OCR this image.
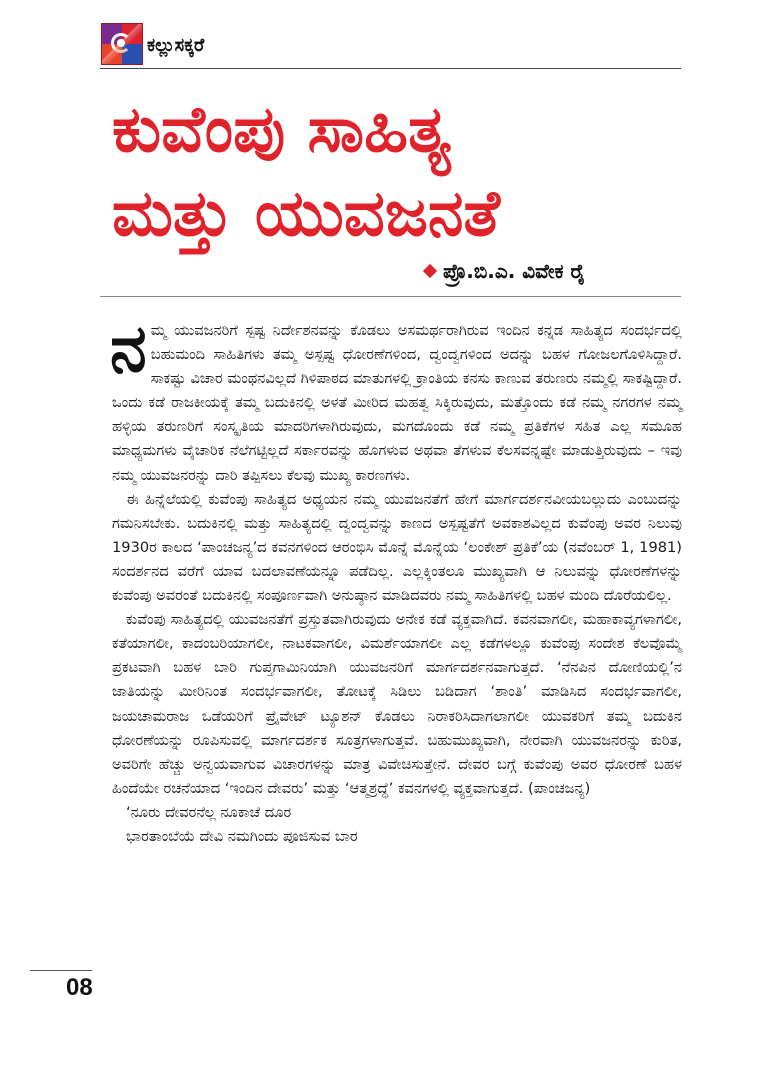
ಕಲ್ಲುಸಕ್ಕರೆ
ಕುವೆಂಪು ಸಾಹಿತ್ಯ
ಮತ್ತು ಯುವಜನತೆ
ಪ್ರೊ.ಬಿ.ಎ. ವಿವೇಕ ರೈ

ನಮ್ಮ ಯುವಜನರಿಗೆ ಸ್ಪಷ್ಟ ನಿರ್ದೇಶನವನ್ನು ಕೊಡಲು ಅಸಮರ್ಥರಾಗಿರುವ ಇಂದಿನ ಕನ್ನಡ ಸಾಹಿತ್ಯದ ಸಂದರ್ಭದಲ್ಲಿ ಬಹುಮಂದಿ ಸಾಹಿತಿಗಳು ತಮ್ಮ ಅಸ್ಪಷ್ಟ ಧೋರಣೆಗಳಿಂದ, ದ್ವಂದ್ವಗಳಿಂದ ಅದನ್ನು ಬಹಳ ಗೋಜಲಗೊಳಿಸಿದ್ದಾರೆ. ಸಾಕಷ್ಟು ವಿಚಾರ ಮಂಥನವಿಲ್ಲದೆ ಗಿಳಿಪಾಠದ ಮಾತುಗಳಲ್ಲಿ ಕ್ರಾಂತಿಯ ಕನಸು ಕಾಣುವ ತರುಣರು ನಮ್ಮಲ್ಲಿ ಸಾಕಷ್ಟಿದ್ದಾರೆ. ಒಂದು ಕಡೆ ರಾಜಕೀಯಕ್ಕೆ ತಮ್ಮ ಬದುಕಿನಲ್ಲಿ ಅಳತೆ ಮೀರಿದ ಮಹತ್ವ ಸಿಕ್ಕಿರುವುದು, ಮತ್ತೊಂದು ಕಡೆ ನಮ್ಮ ನಗರಗಳ ನಮ್ಮ ಹಳ್ಳಿಯ ತರುಣರಿಗೆ ಸಂಸ್ಕೃತಿಯ ಮಾದರಿಗಳಾಗಿರುವುದು, ಮಗದೊಂದು ಕಡೆ ನಮ್ಮ ಪ್ರತಿಕೆಗಳ ಸಹಿತ ಎಲ್ಲ ಸಮೂಹ ಮಾಧ್ಯಮಗಳು ವೈಚಾರಿಕ ನೆಲೆಗಟ್ಟಿಲ್ಲದೆ ಸರ್ಕಾರವನ್ನು ಹೊಗಳುವ ಅಥವಾ ತೆಗಳುವ ಕೆಲಸವನ್ನಷ್ಟೇ ಮಾಡುತ್ತಿರುವುದು – ಇವು ನಮ್ಮ ಯುವಜನರನ್ನು ದಾರಿ ತಪ್ಪಿಸಲು ಕೆಲವು ಮುಖ್ಯ ಕಾರಣಗಳು.

ಈ ಹಿನ್ನೆಲೆಯಲ್ಲಿ ಕುವೆಂಪು ಸಾಹಿತ್ಯದ ಅಧ್ಯಯನ ನಮ್ಮ ಯುವಜನತೆಗೆ ಹೇಗೆ ಮಾರ್ಗದರ್ಶನವೀಯಬಲ್ಲುದು ಎಂಬುದನ್ನು ಗಮನಿಸಬೇಕು. ಬದುಕಿನಲ್ಲಿ ಮತ್ತು ಸಾಹಿತ್ಯದಲ್ಲಿ ದ್ವಂದ್ವವನ್ನು ಕಾಣದ ಅಸ್ಪಷ್ಟತೆಗೆ ಅವಕಾಶವಿಲ್ಲದ ಕುವೆಂಪು ಅವರ ನಿಲುವು 1930ರ ಕಾಲದ ‘ಪಾಂಚಜನ್ಯ’ದ ಕವನಗಳಿಂದ ಆರಂಭಿಸಿ ಮೊನ್ನೆ ಮೊನ್ನೆಯ ‘ಲಂಕೇಶ್ ಪ್ರತಿಕೆ’ಯ (ನವೆಂಬರ್ 1, 1981) ಸಂದರ್ಶನದ ವರೆಗೆ ಯಾವ ಬದಲಾವಣೆಯನ್ನೂ ಪಡೆದಿಲ್ಲ. ಎಲ್ಲಕ್ಕಿಂತಲೂ ಮುಖ್ಯವಾಗಿ ಆ ನಿಲುವನ್ನು ಧೋರಣೆಗಳನ್ನು ಕುವೆಂಪು ಅವರಂತೆ ಬದುಕಿನಲ್ಲಿ ಸಂಪೂರ್ಣವಾಗಿ ಅನುಷ್ಠಾನ ಮಾಡಿದವರು ನಮ್ಮ ಸಾಹಿತಿಗಳಲ್ಲಿ ಬಹಳ ಮಂದಿ ದೊರೆಯಲಿಲ್ಲ.

ಕುವೆಂಪು ಸಾಹಿತ್ಯದಲ್ಲಿ ಯುವಜನತೆಗೆ ಪ್ರಸ್ತುತವಾಗಿರುವುದು ಅನೇಕ ಕಡೆ ವ್ಯಕ್ತವಾಗಿದೆ. ಕವನವಾಗಲೀ, ಮಹಾಕಾವ್ಯಗಳಾಗಲೀ, ಕತೆಯಾಗಲೀ, ಕಾದಂಬರಿಯಾಗಲೀ, ನಾಟಕವಾಗಲೀ, ವಿಮರ್ಶೆಯಾಗಲೀ ಎಲ್ಲ ಕಡೆಗಳಲ್ಲೂ ಕುವೆಂಪು ಸಂದೇಶ ಕೆಲವೊಮ್ಮೆ ಪ್ರಕಟವಾಗಿ ಬಹಳ ಬಾರಿ ಗುಪ್ತಗಾಮಿನಿಯಾಗಿ ಯುವಜನರಿಗೆ ಮಾರ್ಗದರ್ಶನವಾಗುತ್ತದೆ. ‘ನೆನಪಿನ ದೋಣಿಯಲ್ಲಿ’ನ ಜಾತಿಯನ್ನು ಮೀರಿನಿಂತ ಸಂದರ್ಭವಾಗಲೀ, ತೋಟಕ್ಕೆ ಸಿಡಿಲು ಬಡಿದಾಗ ‘ಶಾಂತಿ’ ಮಾಡಿಸಿದ ಸಂದರ್ಭವಾಗಲೀ, ಜಯಚಾಮರಾಜ ಒಡೆಯರಿಗೆ ಪ್ರೈವೇಟ್ ಟ್ಯೂಶನ್ ಕೊಡಲು ನಿರಾಕರಿಸಿದಾಗಲಾಗಲೀ ಯುವಕರಿಗೆ ತಮ್ಮ ಬದುಕಿನ ಧೋರಣೆಯನ್ನು ರೂಪಿಸುವಲ್ಲಿ ಮಾರ್ಗದರ್ಶಕ ಸೂತ್ರಗಳಾಗುತ್ತವೆ. ಬಹುಮುಖ್ಯವಾಗಿ, ನೇರವಾಗಿ ಯುವಜನರನ್ನು ಕುರಿತ, ಅವರಿಗೇ ಹೆಚ್ಚು ಅನ್ವಯವಾಗುವ ವಿಚಾರಗಳನ್ನು ಮಾತ್ರ ವಿವೇಚಿಸುತ್ತೇನೆ. ದೇವರ ಬಗ್ಗೆ ಕುವೆಂಪು ಅವರ ಧೋರಣೆ ಬಹಳ ಹಿಂದೆಯೇ ರಚನೆಯಾದ ‘ಇಂದಿನ ದೇವರು’ ಮತ್ತು ‘ಆತ್ಮಶ್ರದ್ಧೆ’ ಕವನಗಳಲ್ಲಿ ವ್ಯಕ್ತವಾಗುತ್ತದೆ. (ಪಾಂಚಜನ್ಯ)

‘ನೂರು ದೇವರನೆಲ್ಲ ನೂಕಾಚೆ ದೂರ

ಭಾರತಾಂಬೆಯೆ ದೇವಿ ನಮಗಿಂದು ಪೂಜಿಸುವ ಬಾರ

08
